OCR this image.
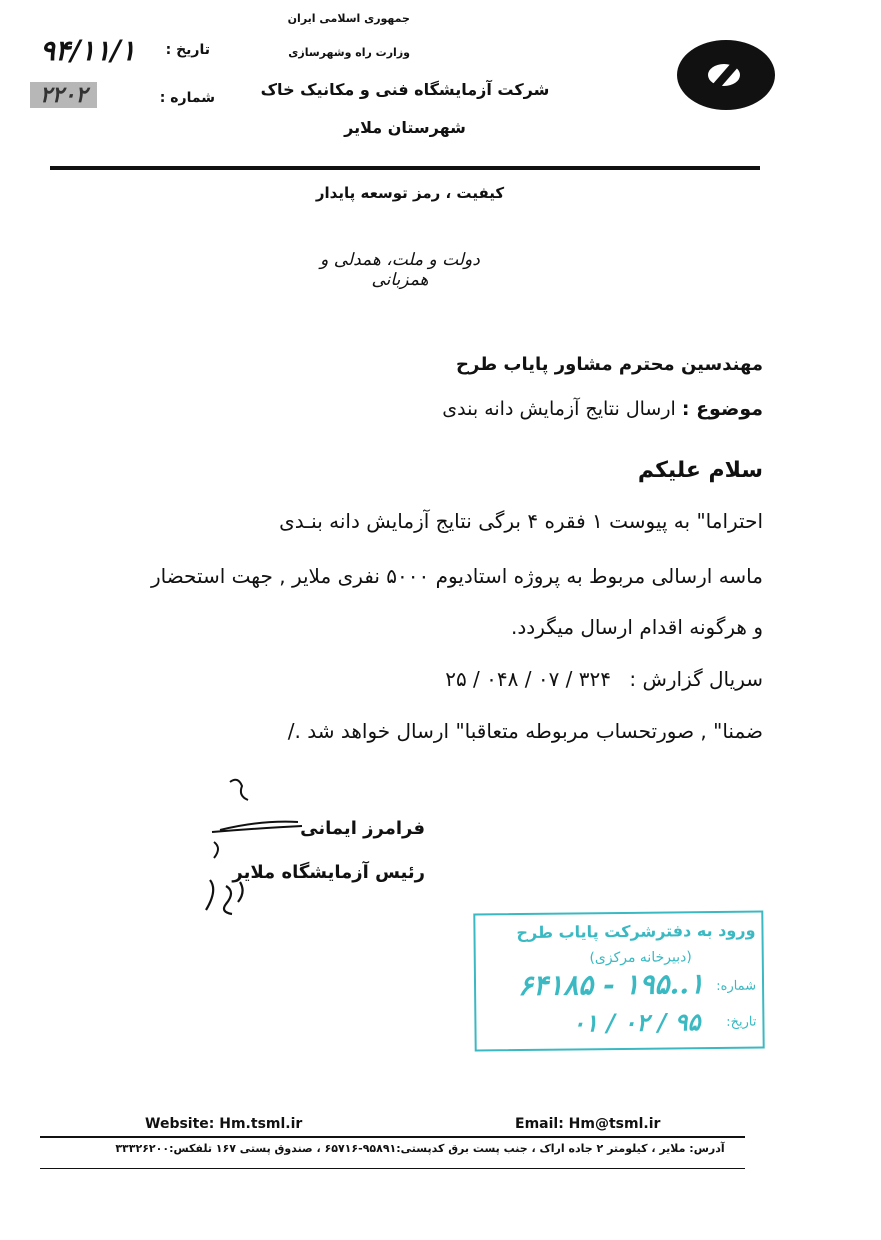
جمهوری اسلامی ایران
وزارت راه وشهرسازی
شرکت آزمایشگاه فنی و مکانیک خاک
شهرستان ملایر
تاریخ :
۹۴/۱۱/۱
شماره :
۲۲۰۲
کیفیت ، رمز توسعه پایدار
دولت و ملت، همدلی و همزبانی
مهندسین محترم مشاور پایاب طرح
موضوع : ارسال نتایج آزمایش دانه بندی
سلام علیکم
احتراما" به پیوست ۱ فقره ۴ برگی نتایج آزمایش دانه بنـدی
ماسه ارسالی مربوط به پروژه استادیوم ۵۰۰۰ نفری ملایر , جهت استحضار
و هرگونه اقدام ارسال میگردد.
سریال گزارش : ۳۲۴ / ۰۷ / ۰۴۸ / ۲۵
ضمنا" , صورتحساب مربوطه متعاقبا" ارسال خواهد شد ./
فرامرز ایمانی
رئیس آزمایشگاه ملایر
ورود به دفترشرکت پایاب طرح
(دبیرخانه مرکزی)
شماره:
۱..۱۹۵ - ۶۴۱۸۵
تاریخ:
۹۵ / ۰۲ / ۰۱
Website: Hm.tsml.ir	Email: Hm@tsml.ir
آدرس: ملایر ، کیلومتر ۲ جاده اراک ، جنب پست برق کدپستی:۹۵۸۹۱-۶۵۷۱۶ ، صندوق پستی ۱۶۷ تلفکس:۳۳۳۲۶۲۰۰
